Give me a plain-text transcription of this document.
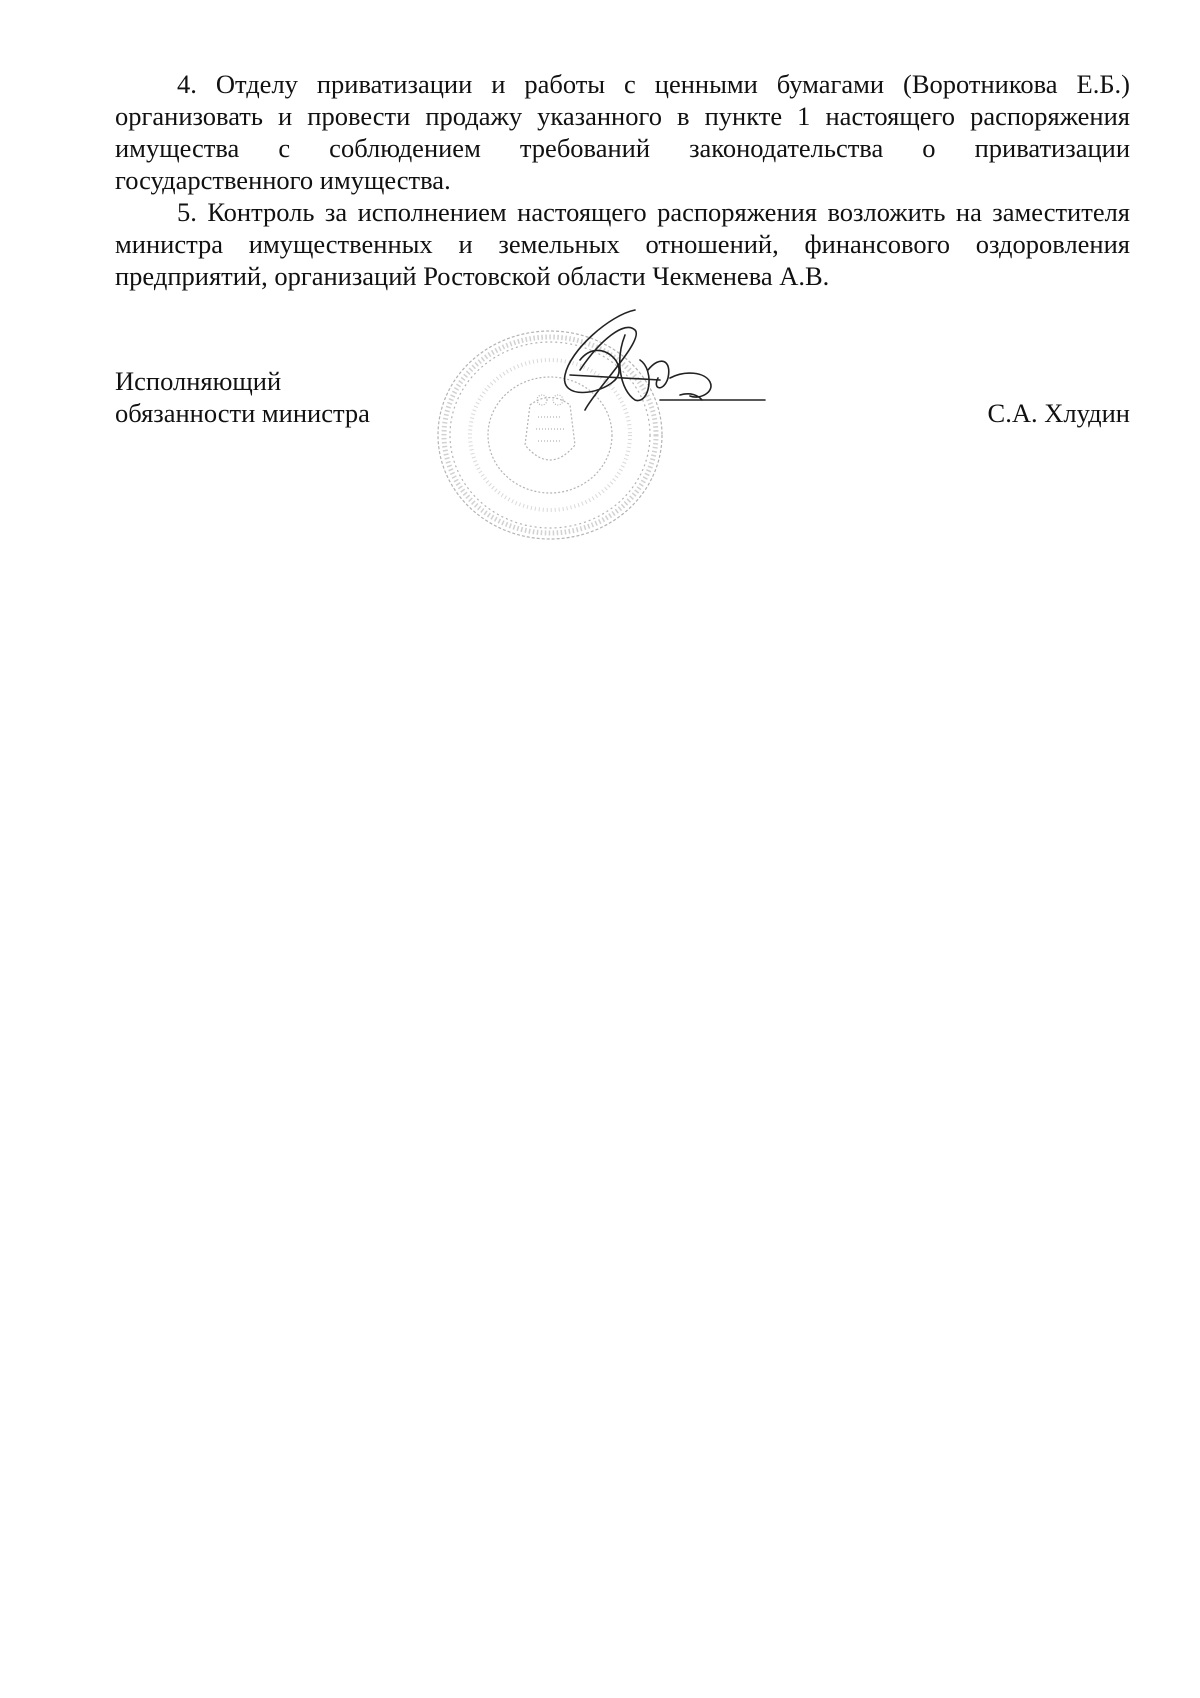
4. Отделу приватизации и работы с ценными бумагами (Воротникова Е.Б.) организовать и провести продажу указанного в пункте 1 настоящего распоряжения имущества с соблюдением требований законодательства о приватизации государственного имущества.

5. Контроль за исполнением настоящего распоряжения возложить на заместителя министра имущественных и земельных отношений, финансового оздоровления предприятий, организаций Ростовской области Чекменева А.В.

Исполняющий
обязанности министра	С.А. Хлудин
